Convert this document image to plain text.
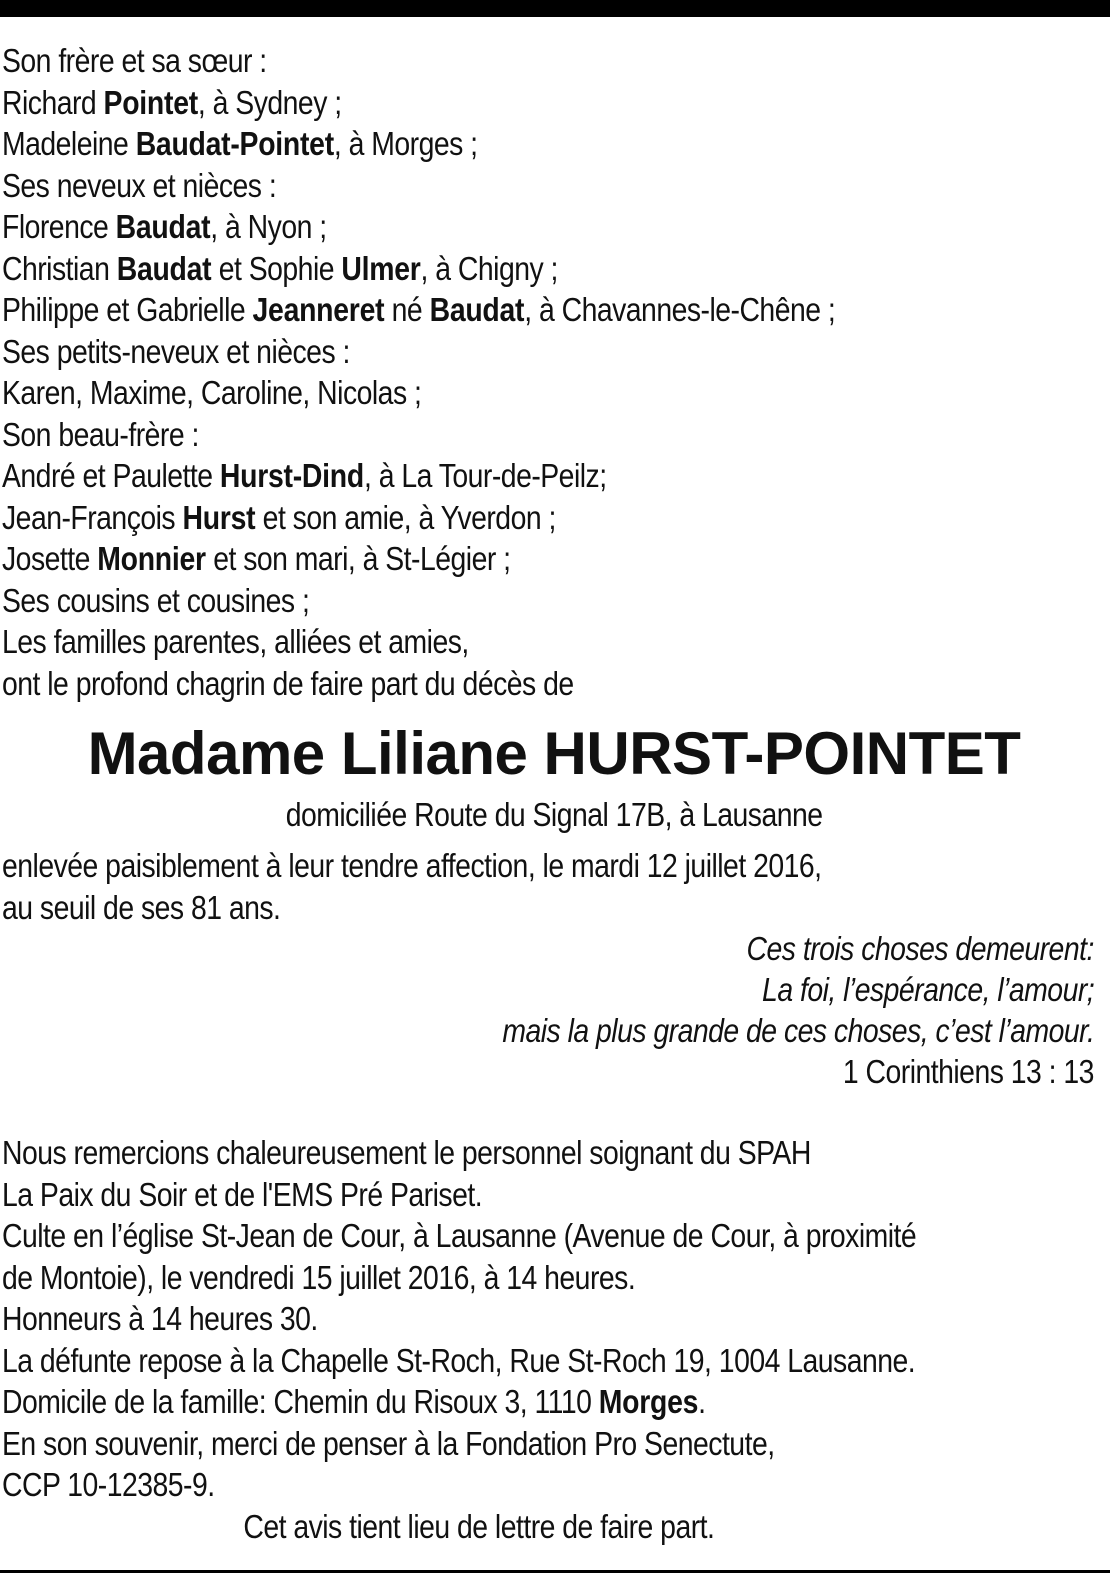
Son frère et sa sœur :
Richard Pointet, à Sydney ;
Madeleine Baudat-Pointet, à Morges ;
Ses neveux et nièces :
Florence Baudat, à Nyon ;
Christian Baudat et Sophie Ulmer, à Chigny ;
Philippe et Gabrielle Jeanneret né Baudat, à Chavannes-le-Chêne ;
Ses petits-neveux et nièces :
Karen, Maxime, Caroline, Nicolas ;
Son beau-frère :
André et Paulette Hurst-Dind, à La Tour-de-Peilz;
Jean-François Hurst et son amie, à Yverdon ;
Josette Monnier et son mari, à St-Légier ;
Ses cousins et cousines ;
Les familles parentes, alliées et amies,
ont le profond chagrin de faire part du décès de
Madame Liliane HURST-POINTET
domiciliée Route du Signal 17B, à Lausanne
enlevée paisiblement à leur tendre affection, le mardi 12 juillet 2016,
au seuil de ses 81 ans.
Ces trois choses demeurent:
La foi, l’espérance, l’amour;
mais la plus grande de ces choses, c’est l’amour.
1 Corinthiens 13 : 13
Nous remercions chaleureusement le personnel soignant du SPAH
La Paix du Soir et de l'EMS Pré Pariset.
Culte en l’église St-Jean de Cour, à Lausanne (Avenue de Cour, à proximité
de Montoie), le vendredi 15 juillet 2016, à 14 heures.
Honneurs à 14 heures 30.
La défunte repose à la Chapelle St-Roch, Rue St-Roch 19, 1004 Lausanne.
Domicile de la famille: Chemin du Risoux 3, 1110 Morges.
En son souvenir, merci de penser à la Fondation Pro Senectute,
CCP 10-12385-9.
Cet avis tient lieu de lettre de faire part.
